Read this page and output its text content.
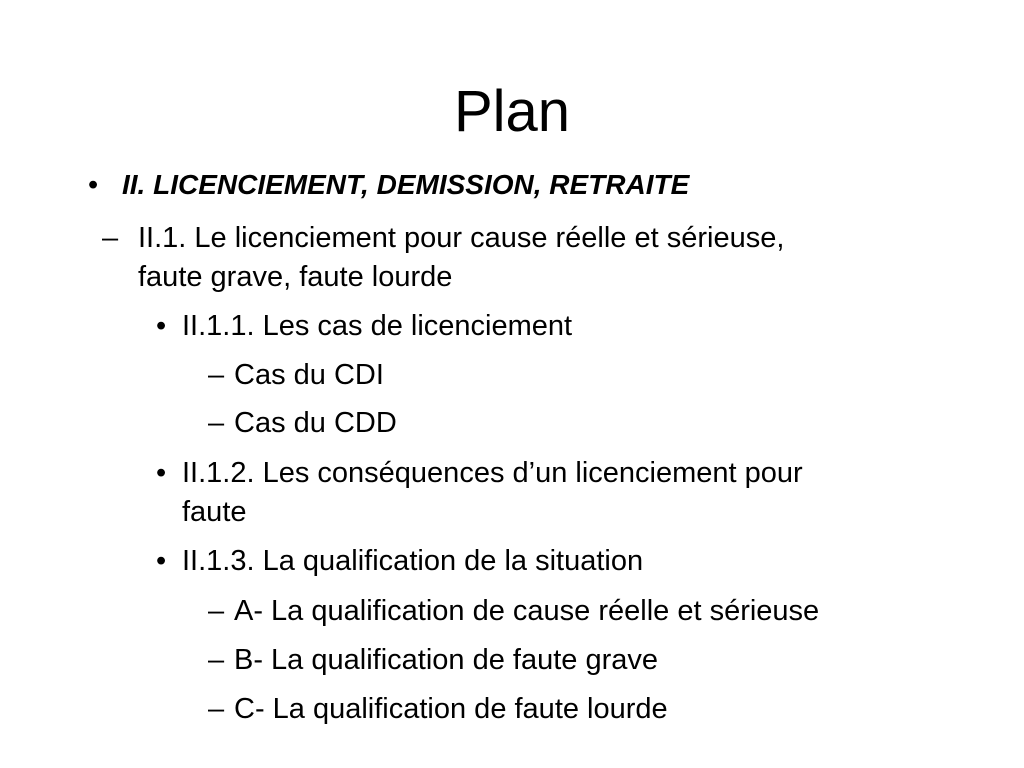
Plan
• II. LICENCIEMENT, DEMISSION, RETRAITE
– II.1. Le licenciement pour cause réelle et sérieuse,
faute grave, faute lourde
• II.1.1. Les cas de licenciement
– Cas du CDI
– Cas du CDD
• II.1.2. Les conséquences d’un licenciement pour
faute
• II.1.3. La qualification de la situation
– A- La qualification de cause réelle et sérieuse
– B- La qualification de faute grave
– C- La qualification de faute lourde
